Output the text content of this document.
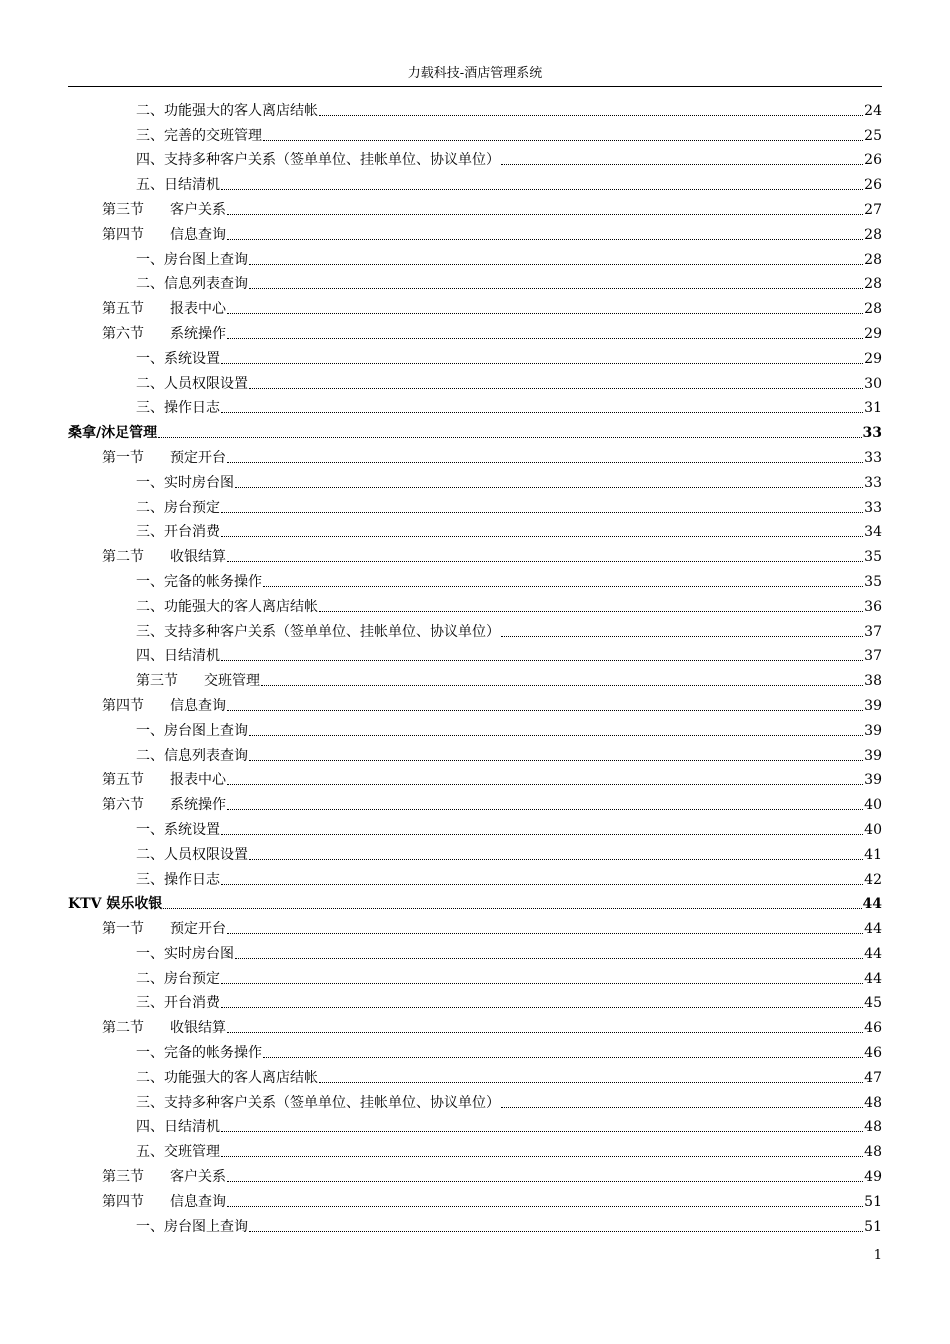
力载科技-酒店管理系统
二、功能强大的客人离店结帐	24
三、完善的交班管理	25
四、支持多种客户关系（签单单位、挂帐单位、协议单位）	26
五、日结清机	26
第三节 客户关系	27
第四节 信息查询	28
一、房台图上查询	28
二、信息列表查询	28
第五节 报表中心	28
第六节 系统操作	29
一、系统设置	29
二、人员权限设置	30
三、操作日志	31
桑拿/沐足管理	33
第一节 预定开台	33
一、实时房台图	33
二、房台预定	33
三、开台消费	34
第二节 收银结算	35
一、完备的帐务操作	35
二、功能强大的客人离店结帐	36
三、支持多种客户关系（签单单位、挂帐单位、协议单位）	37
四、日结清机	37
第三节 交班管理	38
第四节 信息查询	39
一、房台图上查询	39
二、信息列表查询	39
第五节 报表中心	39
第六节 系统操作	40
一、系统设置	40
二、人员权限设置	41
三、操作日志	42
KTV 娱乐收银	44
第一节 预定开台	44
一、实时房台图	44
二、房台预定	44
三、开台消费	45
第二节 收银结算	46
一、完备的帐务操作	46
二、功能强大的客人离店结帐	47
三、支持多种客户关系（签单单位、挂帐单位、协议单位）	48
四、日结清机	48
五、交班管理	48
第三节 客户关系	49
第四节 信息查询	51
一、房台图上查询	51
1
